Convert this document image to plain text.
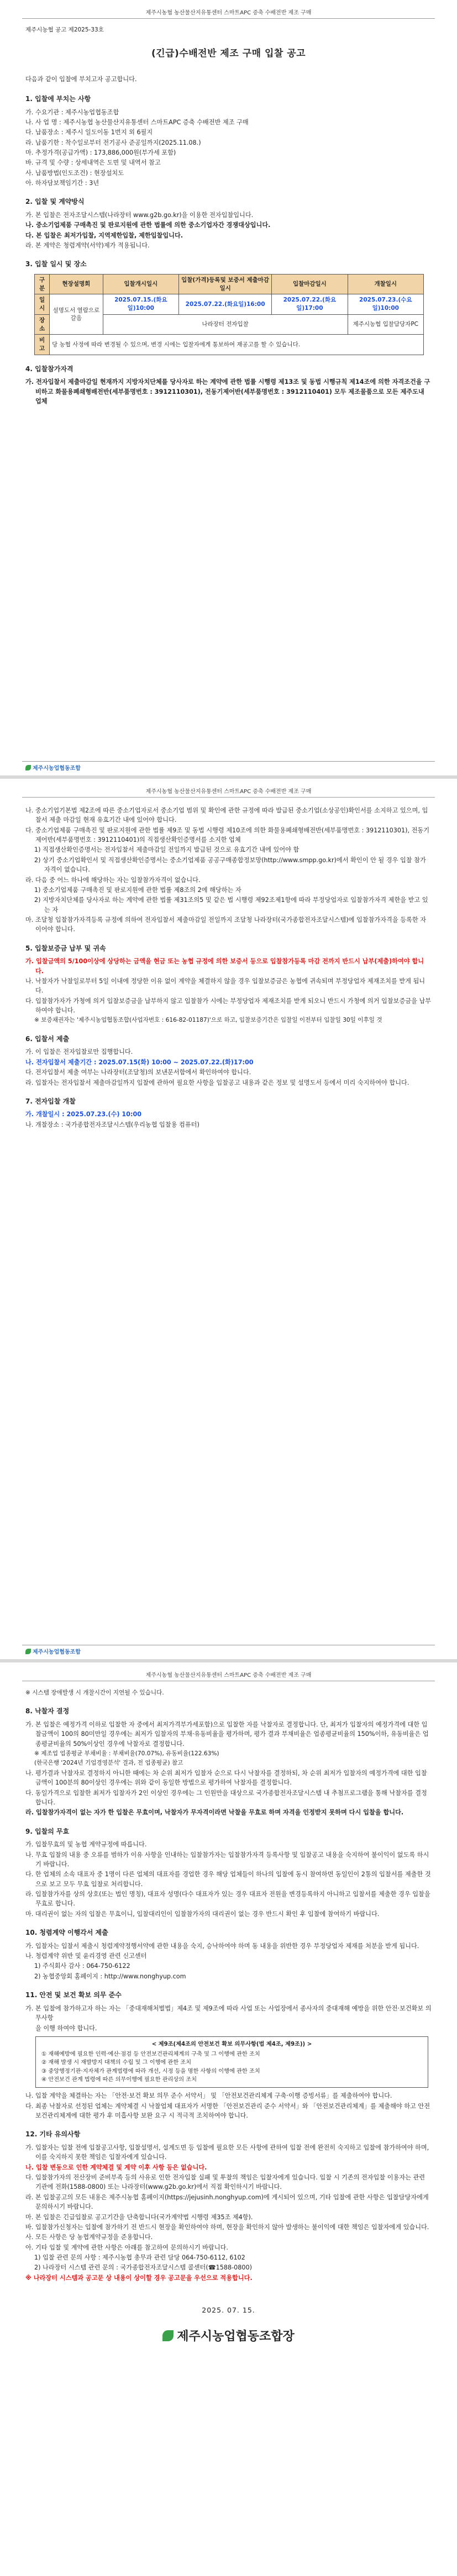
제주시농협 농산물산지유통센터 스마트APC 증축 수배전반 제조 구매
제주시농협 공고 제2025-33호
(긴급)수배전반 제조 구매 입찰 공고
다음과 같이 입찰에 부치고자 공고합니다.
1. 입찰에 부치는 사항
가. 수요기관 : 제주시농업협동조합
나. 사 업 명 : 제주시농협 농산물산지유통센터 스마트APC 증축 수배전반 제조 구매
다. 납품장소 : 제주시 일도이동 1번지 외 6필지
라. 납품기한 : 착수일로부터 전기공사 준공일까지(2025.11.08.)
마. 추정가격(공급가액) : 173,886,000원(부가세 포함)
바. 규격 및 수량 : 상세내역은 도면 및 내역서 참고
사. 납품방법(인도조건) : 현장설치도
아. 하자담보책임기간 : 3년
2. 입찰 및 계약방식
가. 본 입찰은 전자조달시스템(나라장터 www.g2b.go.kr)을 이용한 전자입찰입니다.
나. 중소기업제품 구매촉진 및 판로지원에 관한 법률에 의한 중소기업자간 경쟁대상입니다.
다. 본 입찰은 최저가입찰, 지역제한입찰, 제한입찰입니다.
라. 본 계약은 청렴계약(서약)제가 적용됩니다.
3. 입찰 일시 및 장소
구분	현장설명회	입찰개시일시	입찰(가격)등록및 보증서 제출마감 일시	입찰마감일시	개찰일시
일시	설명도서 열람으로 갈음	2025.07.15.(화요일)10:00	2025.07.22.(화요일)16:00	2025.07.22.(화요일)17:00	2025.07.23.(수요일)10:00
장소		나라장터 전자입찰			제주시농협 입찰담당자PC
비고	당 농협 사정에 따라 변경될 수 있으며, 변경 시에는 입찰자에게 통보하여 재공고를 할 수 있습니다.				
4. 입찰참가자격
가. 전자입찰서 제출마감일 현재까지 지방자치단체를 당사자로 하는 계약에 관한 법률 시행령 제13조 및 동법 시행규칙 제14조에 의한 자격조건을 구비하고 화물용폐쇄형배전반(세부품명번호 : 3912110301), 전동기제어반(세부품명번호 : 3912110401) 모두 제조물품으로 모든 제주도내 업체
제주시농업협동조합
제주시농협 농산물산지유통센터 스마트APC 증축 수배전반 제조 구매
나. 중소기업기본법 제2조에 따른 중소기업자로서 중소기업 범위 및 확인에 관한 규정에 따라 발급된 중소기업(소상공인)확인서를 소지하고 있으며, 입찰서 제출 마감일 현재 유효기간 내에 있어야 합니다.
다. 중소기업제품 구매촉진 및 판로지원에 관한 법률 제9조 및 동법 시행령 제10조에 의한 화물용폐쇄형배전반(세부품명번호 : 3912110301), 전동기제어반(세부품명번호 : 3912110401)의 직접생산확인증명서를 소지한 업체
1) 직접생산확인증명서는 전자입찰서 제출마감일 전일까지 발급된 것으로 유효기간 내에 있어야 함
2) 상기 중소기업확인서 및 직접생산확인증명서는 중소기업제품 공공구매종합정보망(http://www.smpp.go.kr)에서 확인이 안 될 경우 입찰 참가자격이 없습니다.
라. 다음 중 어느 하나에 해당하는 자는 입찰참가자격이 없습니다.
1) 중소기업제품 구매촉진 및 판로지원에 관한 법률 제8조의 2에 해당하는 자
2) 지방자치단체를 당사자로 하는 계약에 관한 법률 제31조의5 및 같은 법 시행령 제92조제1항에 따라 부정당업자로 입찰참가자격 제한을 받고 있는 자
마. 조달청 입찰참가자격등록 규정에 의하여 전자입찰서 제출마감일 전일까지 조달청 나라장터(국가종합전자조달시스템)에 입찰참가자격을 등록한 자이어야 합니다.
5. 입찰보증금 납부 및 귀속
가. 입찰금액의 5/100이상에 상당하는 금액을 현금 또는 농협 규정에 의한 보증서 등으로 입찰참가등록 마감 전까지 반드시 납부(제출)하여야 합니다.
나. 낙찰자가 낙찰일로부터 5일 이내에 정당한 이유 없이 계약을 체결하지 않을 경우 입찰보증금은 농협에 귀속되며 부정당업자 제재조치를 받게 됩니다.
다. 입찰참가자가 가청에 의거 입찰보증금을 납부하지 않고 입찰참가 시에는 부정당업자 제재조치를 받게 되오니 반드시 가청에 의거 입찰보증금을 납부하여야 합니다.
※ 보증채권자는 '제주시농업협동조합(사업자번호 : 616-82-01187)'으로 하고, 입찰보증기간은 입찰일 이전부터 입찰일 30일 이후일 것
6. 입찰서 제출
가. 이 입찰은 전자입찰로만 집행합니다.
나. 전자입찰서 제출기간 : 2025.07.15(화) 10:00 ~ 2025.07.22.(화)17:00
다. 전자입찰서 제출 여부는 나라장터(조달청)의 보낸문서함에서 확인하여야 합니다.
라. 입찰자는 전자입찰서 제출마감일까지 입찰에 관하여 필요한 사항을 입찰공고 내용과 같은 정보 및 설명도서 등에서 미리 숙지하여야 합니다.
7. 전자입찰 개찰
가. 개찰일시 : 2025.07.23.(수) 10:00
나. 개찰장소 : 국가종합전자조달시스템(우리농협 입찰용 컴퓨터)
제주시농업협동조합
제주시농협 농산물산지유통센터 스마트APC 증축 수배전반 제조 구매
※ 시스템 장애발생 시 개찰시간이 지연될 수 있습니다.
8. 낙찰자 결정
가. 본 입찰은 예정가격 이하로 입찰한 자 중에서 최저가격부가세포함)으로 입찰한 자를 낙찰자로 결정합니다. 단, 최저가 입찰자의 예정가격에 대한 입찰금액이 100의 80미만일 경우에는 최저가 입찰자의 부채·유동비율을 평가하며, 평가 결과 부채비율은 업종평균비율의 150%이하, 유동비율은 업종평균비율의 50%이상인 경우에 낙찰자로 결정합니다.
※ 제조업 업종평균 부채비율 : 부채비율(70.07%), 유동비율(122.63%)
(한국은행 '2024년 기업경영분석' 결과, 전 업종평균) 참고
나. 평가결과 낙찰자로 결정하지 아니한 때에는 차 순위 최저가 입찰자 순으로 다시 낙찰자를 결정하되, 차 순위 최저가 입찰자의 예정가격에 대한 입찰금액이 100분의 80이상인 경우에는 위와 같이 동일한 방법으로 평가하여 낙찰자를 결정합니다.
다. 동일가격으로 입찰한 최저가 입찰자가 2인 이상인 경우에는 그 인원만을 대상으로 국가종합전자조달시스템 내 추첨프로그램을 통해 낙찰자를 결정합니다.
라. 입찰참가자격이 없는 자가 한 입찰은 무효이며, 낙찰자가 무자격이라면 낙찰을 무효로 하며 자격을 인정받지 못하며 다시 입찰을 합니다.
9. 입찰의 무효
가. 입찰무효의 및 농협 계약규정에 따릅니다.
나. 무효 입찰의 내용 중 오류를 범하가 이유 사항을 인내하는 입찰참가자는 입찰참가자격 등록사항 및 입찰공고 내용을 숙지하여 불이익이 없도록 하시기 바랍니다.
다. 한 업체의 소속 대표자 중 1명이 다른 업체의 대표자를 경업한 경우 해당 업체들이 하나의 입찰에 동시 참여하면 동일인이 2통의 입찰서를 제출한 것으로 보고 모두 무효 입찰로 처리합니다.
라. 입찰참가자를 상의 상호(또는 법인 명칭), 대표자 성명(다수 대표자가 있는 경우 대표자 전원을 변경등록하지 아니하고 입찰서를 제출한 경우 입찰을 무효로 합니다.
마. 대리권이 없는 자의 입찰은 무효이니, 입찰대리인이 입찰참가자의 대리권이 없는 경우 반드시 확인 후 입찰에 참여하기 바랍니다.
10. 청렴계약 이행각서 제출
가. 입찰자는 입찰서 제출시 청렴계약정행서약에 관한 내용을 숙지, 승낙하여야 하며 동 내용을 위반한 경우 부정당업자 제재를 처분을 받게 됩니다.
나. 청렴계약 위반 및 윤리경영 관련 신고센터
1) 주식회사 감사 : 064-750-6122
2) 농협중앙회 홈페이지 : http://www.nonghyup.com
11. 안전 및 보건 확보 의무 준수
가. 본 입찰에 참가하고자 하는 자는 「중대재해처벌법」제4조 및 제9조에 따라 사업 또는 사업장에서 종사자의 중대재해 예방을 위한 안전·보건확보 의무사항
을 이행 하여야 합니다.
< 제9조(제4조의 안전보건 확보 의무사항(법 제4조, 제9조)) >
① 재해예방에 필요한 인력·예산·점검 등 안전보건관리체계의 구축 및 그 이행에 관한 조치
② 재해 발생 시 재발방지 대책의 수립 및 그 이행에 관한 조치
③ 중앙행정기관·지자체가 관계법령에 따라 개선, 시정 등을 명한 사항의 이행에 관한 조치
④ 안전보건 관계 법령에 따른 의무이행에 필요한 관리상의 조치
나. 입찰 계약을 체결하는 자는 「안전·보건 확보 의무 준수 서약서」 및 「안전보건관리체계 구축·이행 증빙서류」를 제출하여야 합니다.
다. 최종 낙찰자로 선정된 업체는 계약체결 시 낙찰업체 대표자가 서명한 「안전보건관리 준수 서약서」와 「안전보건관리체계」를 제출해야 하고 안전보건관리체계에 대한 평가 후 미흡사항 보완 요구 시 적극적 조치하여야 합니다.
12. 기타 유의사항
가. 입찰자는 입찰 전에 입찰공고사항, 입찰설명서, 설계도면 등 입찰에 필요한 모든 사항에 관하여 입찰 전에 완전히 숙지하고 입찰에 참가하여야 하며, 이를 숙지하지 못한 책임은 입찰자에게 있습니다.
나. 입찰 변동으로 인한 계약체결 및 계약 이후 사항 등은 없습니다.
다. 입찰참가자의 전산장비 준비부족 등의 사유로 인한 전자입찰 실패 및 투찰의 책임은 입찰자에게 있습니다. 입찰 시 기존의 전자입찰 이용자는 관련 기관에 전화(1588-0800) 또는 나라장터(www.g2b.go.kr)에서 직접 확인하시기 바랍니다.
라. 본 입찰공고의 모든 내용은 제주시농협 홈페이지(https://jejusinh.nonghyup.com)에 게시되어 있으며, 기타 입찰에 관한 사항은 입찰담당자에게 문의하시기 바랍니다.
마. 본 입찰은 긴급입찰로 공고기간을 단축합니다(국가계약법 시행령 제35조 제4항).
바. 입찰참가신청자는 입찰에 참가하기 전 반드시 현장을 확인하여야 하며, 현장을 확인하지 않아 발생하는 불이익에 대한 책임은 입찰자에게 있습니다.
사. 모든 사항은 당 농협계약규정을 준용합니다.
아. 기타 입찰 및 계약에 관한 사항은 아래를 참고하여 문의하시기 바랍니다.
1) 입찰 관련 문의 사항 : 제주시농협 총무과 관련 담당 064-750-6112, 6102
2) 나라장터 시스템 관련 문의 : 국가종합전자조달시스템 콜센터(☎1588-0800)
※ 나라장터 시스템과 공고문 상 내용이 상이할 경우 공고문을 우선으로 적용합니다.
2025. 07. 15.
제주시농업협동조합장
